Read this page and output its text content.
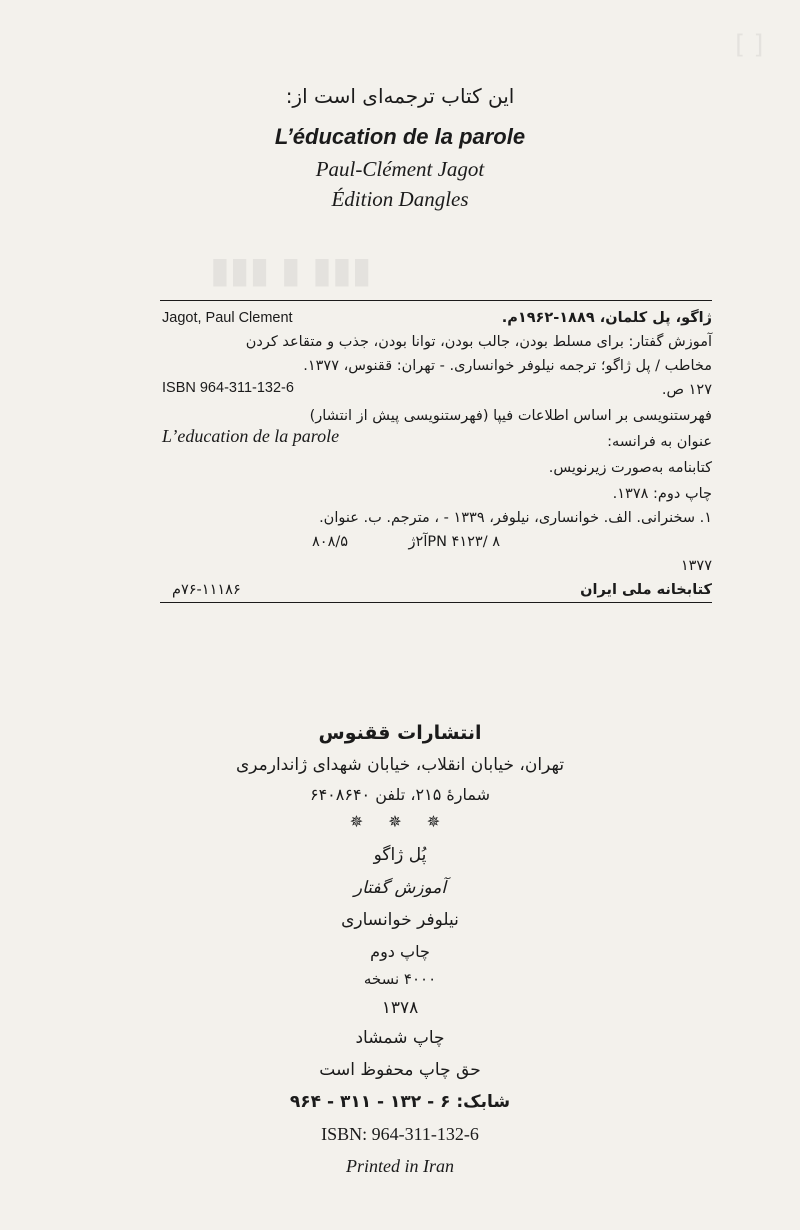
▮▮▮ ▮ ▮▮▮
[ ]
این کتاب ترجمه‌ای است از:
L’éducation de la parole
Paul-Clément Jagot
Édition Dangles
ژاگو، پل کلمان، ۱۸۸۹-۱۹۶۲م.
Jagot, Paul Clement
آموزش گفتار: برای مسلط بودن، جالب بودن، توانا بودن، جذب و متقاعد کردن
مخاطب / پل ژاگو؛ ترجمه نیلوفر خوانساری. - تهران: ققنوس، ۱۳۷۷.
۱۲۷ ص.
ISBN 964-311-132-6
فهرستنویسی بر اساس اطلاعات فیپا (فهرستنویسی پیش از انتشار)
عنوان به فرانسه:
L’education de la parole
کتابنامه به‌صورت زیرنویس.
چاپ دوم: ۱۳۷۸.
۱. سخنرانی. الف. خوانساری، نیلوفر، ۱۳۳۹ - ، مترجم. ب. عنوان.
PN ۴۱۲۳/ ۸آ۲ژ
۸۰۸/۵
۱۳۷۷
کتابخانه ملی ایران
۷۶-۱۱۱۸۶م
انتشارات ققنوس
تهران، خیابان انقلاب، خیابان شهدای ژاندارمری
شمارهٔ ۲۱۵، تلفن ۶۴۰۸۶۴۰
✵ ✵ ✵
پُل ژاگو
آموزش گفتار
نیلوفر خوانساری
چاپ دوم
۴۰۰۰ نسخه
۱۳۷۸
چاپ شمشاد
حق چاپ محفوظ است
شابک: ۶ - ۱۳۲ - ۳۱۱ - ۹۶۴
ISBN: 964-311-132-6
Printed in Iran
